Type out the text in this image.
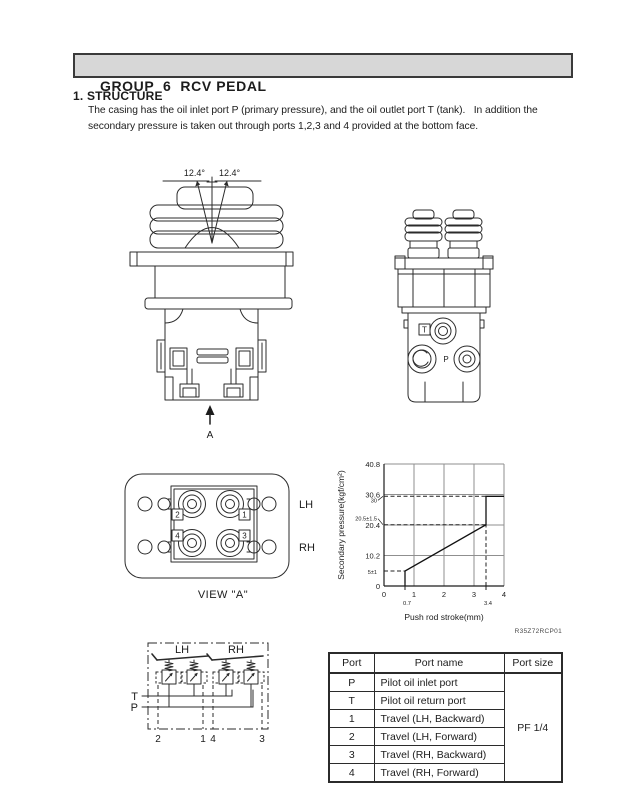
GROUP  6  RCV PEDAL

1. STRUCTURE
The casing has the oil inlet port P (primary pressure), and the oil outlet port T (tank).   In addition the
secondary pressure is taken out through ports 1,2,3 and 4 provided at the bottom face.
12.4° 12.4°
A
T
P
2	1
4	3
LH
RH
VIEW "A"
0
10.2
20.4
30.6
40.8
0	1	2	3	4
0.7	3.4
30
20.5±1.5
5±1
Secondary pressure(kgf/cm²)
Push rod stroke(mm)
R35Z72RCP01
LH	RH
T
P
2	1 4	3
Port	Port name	Port size
P	Pilot oil inlet port	PF 1/4
T	Pilot oil return port	
1	Travel (LH, Backward)	
2	Travel (LH, Forward)	
3	Travel (RH, Backward)	
4	Travel (RH, Forward)	
